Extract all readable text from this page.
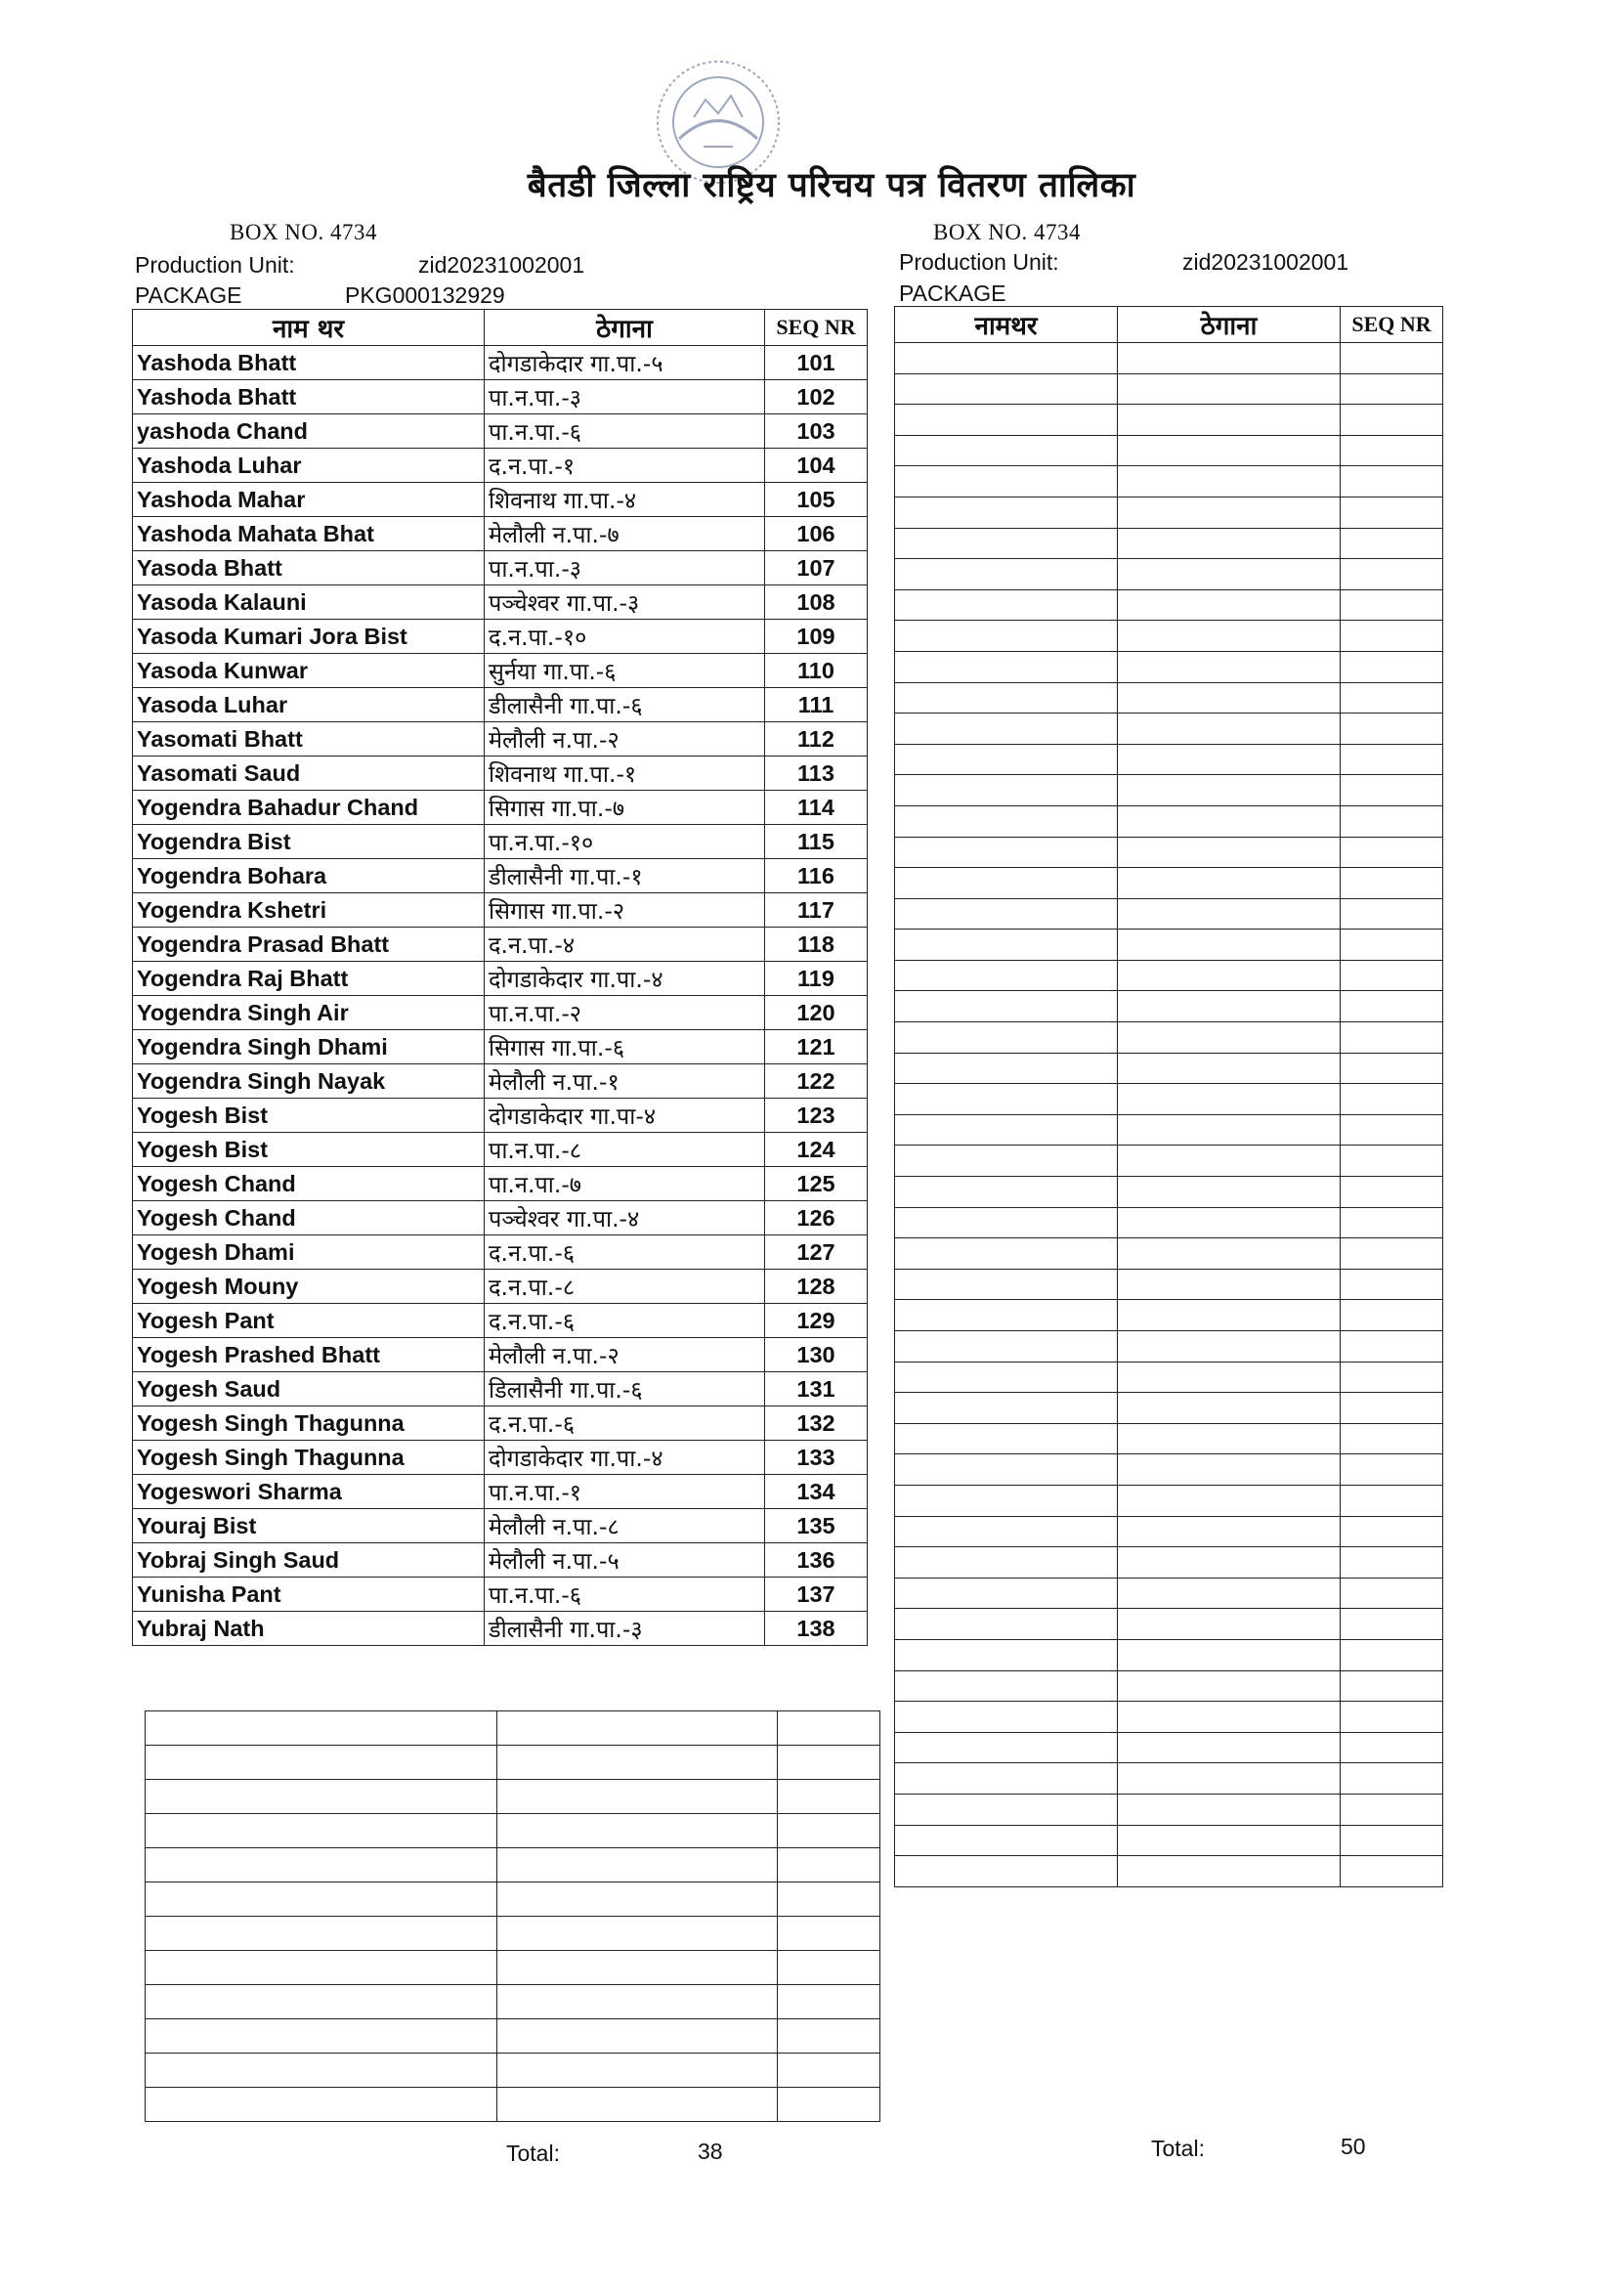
बैतडी जिल्ला राष्ट्रिय परिचय पत्र वितरण तालिका
BOX NO. 4734
Production Unit:	zid20231002001
PACKAGE	PKG000132929
BOX NO. 4734
Production Unit:	zid20231002001
PACKAGE
नाम थर	ठेगाना	SEQ NR
Yashoda Bhatt	दोगडाकेदार गा.पा.-५	101
Yashoda Bhatt	पा.न.पा.-३	102
yashoda Chand	पा.न.पा.-६	103
Yashoda Luhar	द.न.पा.-१	104
Yashoda Mahar	शिवनाथ गा.पा.-४	105
Yashoda Mahata Bhat	मेलौली न.पा.-७	106
Yasoda Bhatt	पा.न.पा.-३	107
Yasoda Kalauni	पञ्चेश्वर गा.पा.-३	108
Yasoda Kumari Jora Bist	द.न.पा.-१०	109
Yasoda Kunwar	सुर्नया गा.पा.-६	110
Yasoda Luhar	डीलासैनी गा.पा.-६	111
Yasomati Bhatt	मेलौली न.पा.-२	112
Yasomati Saud	शिवनाथ गा.पा.-१	113
Yogendra Bahadur Chand	सिगास गा.पा.-७	114
Yogendra Bist	पा.न.पा.-१०	115
Yogendra Bohara	डीलासैनी गा.पा.-१	116
Yogendra Kshetri	सिगास गा.पा.-२	117
Yogendra Prasad Bhatt	द.न.पा.-४	118
Yogendra Raj Bhatt	दोगडाकेदार गा.पा.-४	119
Yogendra Singh Air	पा.न.पा.-२	120
Yogendra Singh Dhami	सिगास गा.पा.-६	121
Yogendra Singh Nayak	मेलौली न.पा.-१	122
Yogesh Bist	दोगडाकेदार गा.पा-४	123
Yogesh Bist	पा.न.पा.-८	124
Yogesh Chand	पा.न.पा.-७	125
Yogesh Chand	पञ्चेश्वर गा.पा.-४	126
Yogesh Dhami	द.न.पा.-६	127
Yogesh Mouny	द.न.पा.-८	128
Yogesh Pant	द.न.पा.-६	129
Yogesh Prashed Bhatt	मेलौली न.पा.-२	130
Yogesh Saud	डिलासैनी गा.पा.-६	131
Yogesh Singh Thagunna	द.न.पा.-६	132
Yogesh Singh Thagunna	दोगडाकेदार गा.पा.-४	133
Yogeswori Sharma	पा.न.पा.-१	134
Youraj Bist	मेलौली न.पा.-८	135
Yobraj Singh Saud	मेलौली न.पा.-५	136
Yunisha Pant	पा.न.पा.-६	137
Yubraj Nath	डीलासैनी गा.पा.-३	138

नामथर	ठेगाना	SEQ NR

Total:	38	Total:	50
